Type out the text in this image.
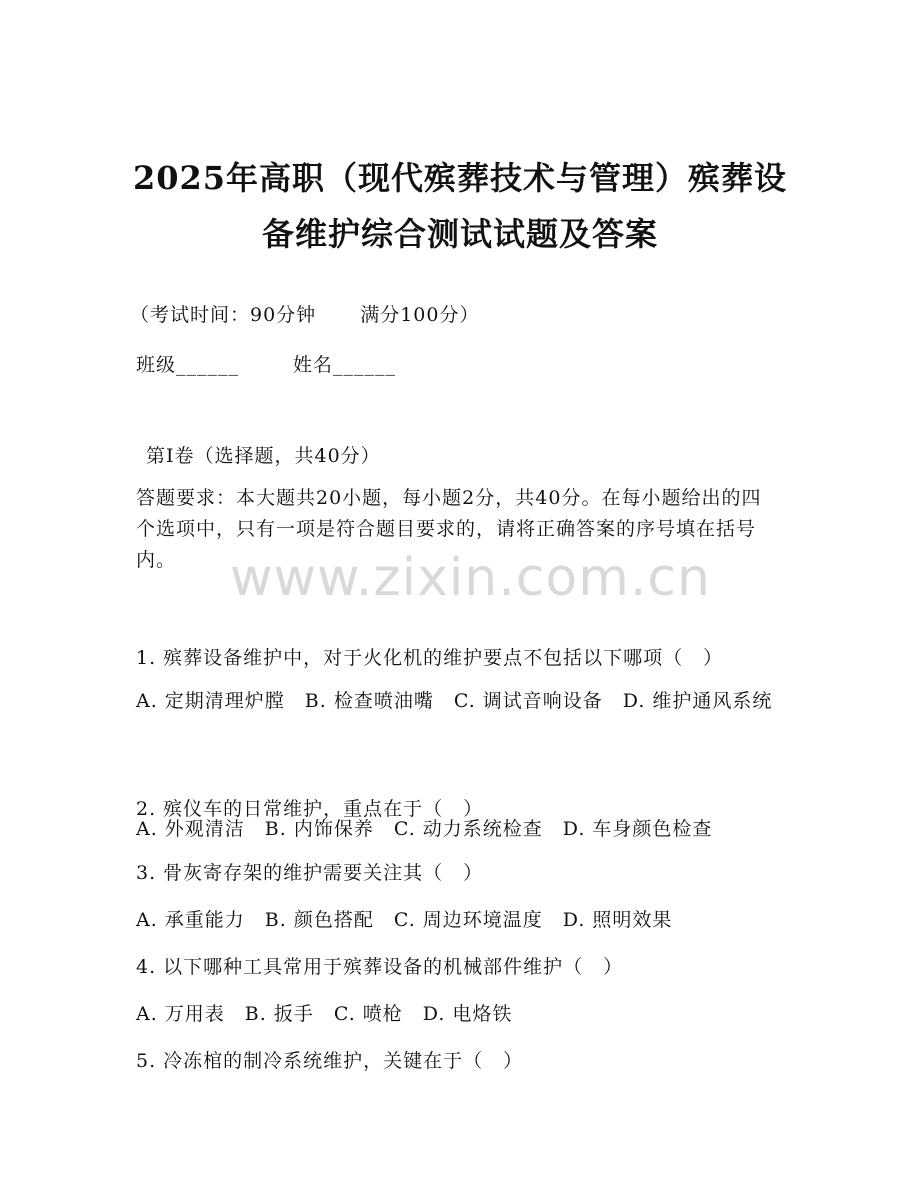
2025年高职（现代殡葬技术与管理）殡葬设
备维护综合测试试题及答案
（考试时间：90分钟 满分100分）
班级______	姓名______
第Ⅰ卷（选择题，共40分）
答题要求：本大题共20小题，每小题2分，共40分。在每小题给出的四个选项中，只有一项是符合题目要求的，请将正确答案的序号填在括号内。	www.zixin.com.cn
1. 殡葬设备维护中，对于火化机的维护要点不包括以下哪项（　）
A. 定期清理炉膛　B. 检查喷油嘴　C. 调试音响设备　D. 维护通风系统
2. 殡仪车的日常维护，重点在于（　）
A. 外观清洁　B. 内饰保养　C. 动力系统检查　D. 车身颜色检查
3. 骨灰寄存架的维护需要关注其（　）
A. 承重能力　B. 颜色搭配　C. 周边环境温度　D. 照明效果
4. 以下哪种工具常用于殡葬设备的机械部件维护（　）
A. 万用表　B. 扳手　C. 喷枪　D. 电烙铁
5. 冷冻棺的制冷系统维护，关键在于（　）
